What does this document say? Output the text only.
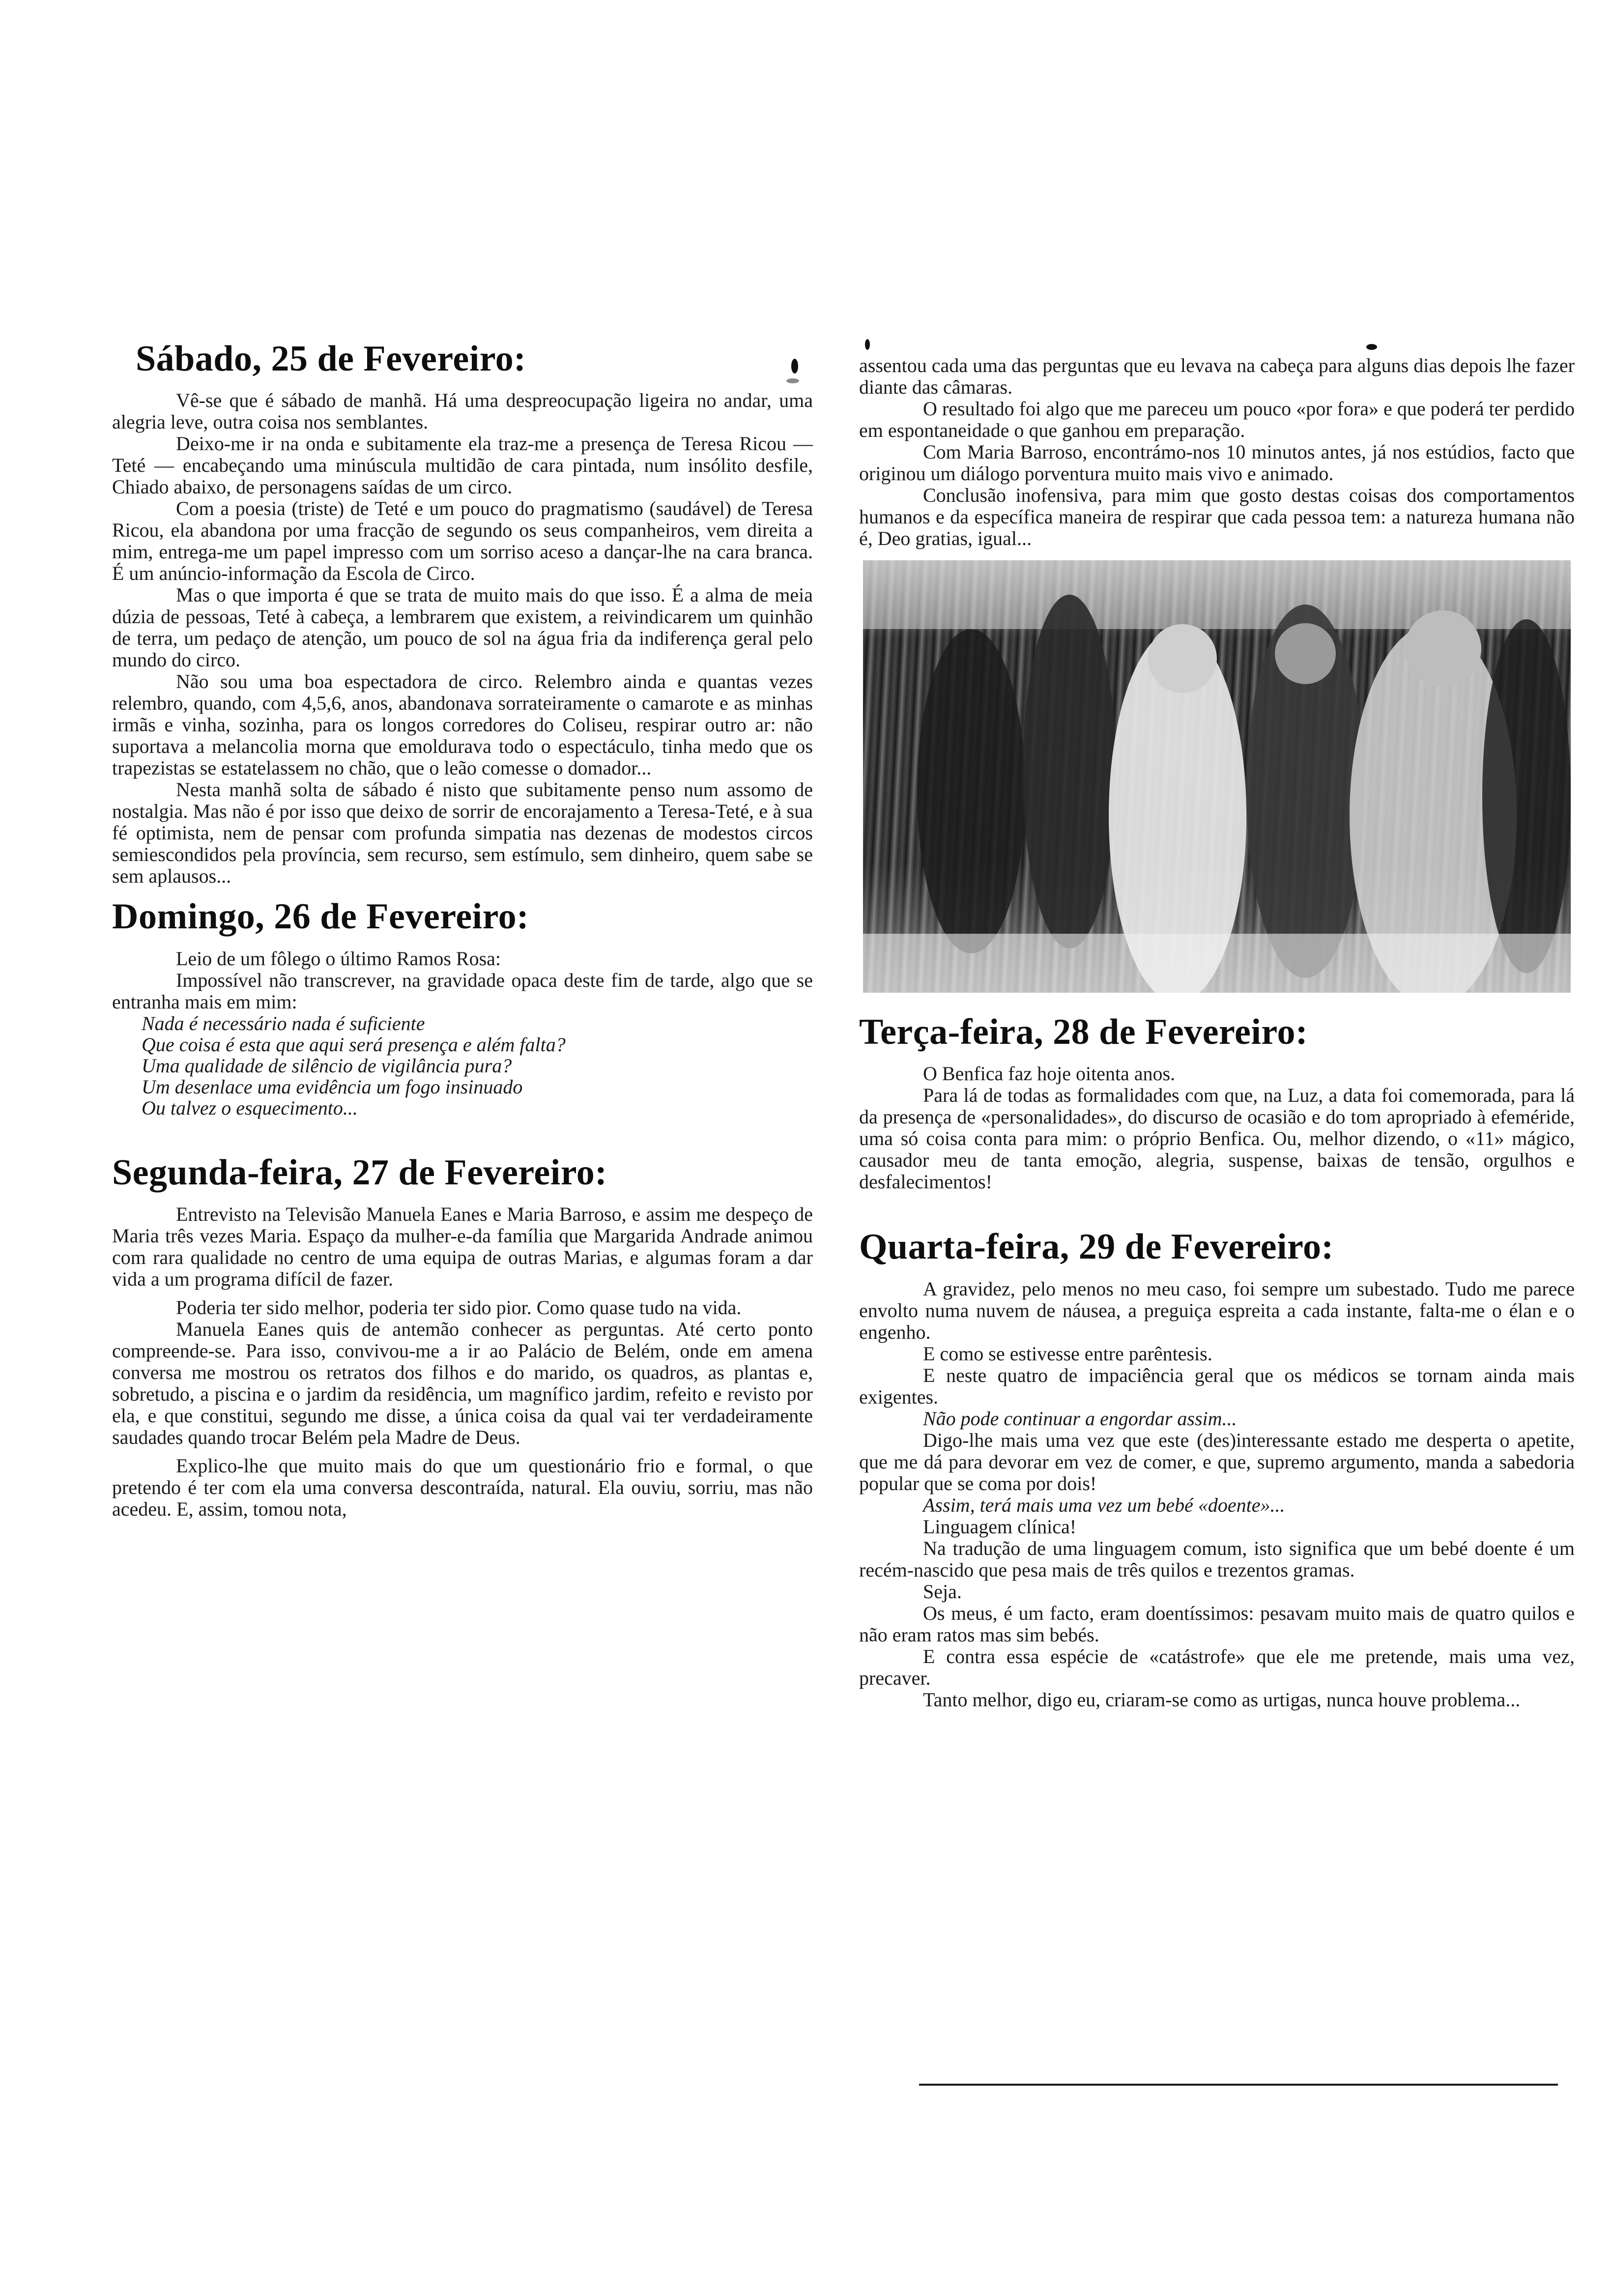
Sábado, 25 de Fevereiro:

Vê-se que é sábado de manhã. Há uma despreocupação ligeira no andar, uma alegria leve, outra coisa nos semblantes.

Deixo-me ir na onda e subitamente ela traz-me a presença de Teresa Ricou — Teté — encabeçando uma minúscula multidão de cara pintada, num insólito desfile, Chiado abaixo, de personagens saídas de um circo.

Com a poesia (triste) de Teté e um pouco do pragmatismo (saudável) de Teresa Ricou, ela abandona por uma fracção de segundo os seus companheiros, vem direita a mim, entrega-me um papel impresso com um sorriso aceso a dançar-lhe na cara branca. É um anúncio-informação da Escola de Circo.

Mas o que importa é que se trata de muito mais do que isso. É a alma de meia dúzia de pessoas, Teté à cabeça, a lembrarem que existem, a reivindicarem um quinhão de terra, um pedaço de atenção, um pouco de sol na água fria da indiferença geral pelo mundo do circo.

Não sou uma boa espectadora de circo. Relembro ainda e quantas vezes relembro, quando, com 4,5,6, anos, abandonava sorrateiramente o camarote e as minhas irmãs e vinha, sozinha, para os longos corredores do Coliseu, respirar outro ar: não suportava a melancolia morna que emoldurava todo o espectáculo, tinha medo que os trapezistas se estatelassem no chão, que o leão comesse o domador...

Nesta manhã solta de sábado é nisto que subitamente penso num assomo de nostalgia. Mas não é por isso que deixo de sorrir de encorajamento a Teresa-Teté, e à sua fé optimista, nem de pensar com profunda simpatia nas dezenas de modestos circos semiescondidos pela província, sem recurso, sem estímulo, sem dinheiro, quem sabe se sem aplausos...

Domingo, 26 de Fevereiro:

Leio de um fôlego o último Ramos Rosa:

Impossível não transcrever, na gravidade opaca deste fim de tarde, algo que se entranha mais em mim:

Nada é necessário nada é suficiente
Que coisa é esta que aqui será presença e além falta?
Uma qualidade de silêncio de vigilância pura?
Um desenlace uma evidência um fogo insinuado
Ou talvez o esquecimento...
Segunda-feira, 27 de Fevereiro:

Entrevisto na Televisão Manuela Eanes e Maria Barroso, e assim me despeço de Maria três vezes Maria. Espaço da mulher-e-da família que Margarida Andrade animou com rara qualidade no centro de uma equipa de outras Marias, e algumas foram a dar vida a um programa difícil de fazer.

Poderia ter sido melhor, poderia ter sido pior. Como quase tudo na vida.

Manuela Eanes quis de antemão conhecer as perguntas. Até certo ponto compreende-se. Para isso, convivou-me a ir ao Palácio de Belém, onde em amena conversa me mostrou os retratos dos filhos e do marido, os quadros, as plantas e, sobretudo, a piscina e o jardim da residência, um magnífico jardim, refeito e revisto por ela, e que constitui, segundo me disse, a única coisa da qual vai ter verdadeiramente saudades quando trocar Belém pela Madre de Deus.

Explico-lhe que muito mais do que um questionário frio e formal, o que pretendo é ter com ela uma conversa descontraída, natural. Ela ouviu, sorriu, mas não acedeu. E, assim, tomou nota,

assentou cada uma das perguntas que eu levava na cabeça para alguns dias depois lhe fazer diante das câmaras.

O resultado foi algo que me pareceu um pouco «por fora» e que poderá ter perdido em espontaneidade o que ganhou em preparação.

Com Maria Barroso, encontrámo-nos 10 minutos antes, já nos estúdios, facto que originou um diálogo porventura muito mais vivo e animado.

Conclusão inofensiva, para mim que gosto destas coisas dos comportamentos humanos e da específica maneira de respirar que cada pessoa tem: a natureza humana não é, Deo gratias, igual...

Terça-feira, 28 de Fevereiro:

O Benfica faz hoje oitenta anos.

Para lá de todas as formalidades com que, na Luz, a data foi comemorada, para lá da presença de «personalidades», do discurso de ocasião e do tom apropriado à efeméride, uma só coisa conta para mim: o próprio Benfica. Ou, melhor dizendo, o «11» mágico, causador meu de tanta emoção, alegria, suspense, baixas de tensão, orgulhos e desfalecimentos!

Quarta-feira, 29 de Fevereiro:

A gravidez, pelo menos no meu caso, foi sempre um subestado. Tudo me parece envolto numa nuvem de náusea, a preguiça espreita a cada instante, falta-me o élan e o engenho.

E como se estivesse entre parêntesis.

E neste quatro de impaciência geral que os médicos se tornam ainda mais exigentes.

Não pode continuar a engordar assim...

Digo-lhe mais uma vez que este (des)interessante estado me desperta o apetite, que me dá para devorar em vez de comer, e que, supremo argumento, manda a sabedoria popular que se coma por dois!

Assim, terá mais uma vez um bebé «doente»...

Linguagem clínica!

Na tradução de uma linguagem comum, isto significa que um bebé doente é um recém-nascido que pesa mais de três quilos e trezentos gramas.

Seja.

Os meus, é um facto, eram doentíssimos: pesavam muito mais de quatro quilos e não eram ratos mas sim bebés.

E contra essa espécie de «catástrofe» que ele me pretende, mais uma vez, precaver.

Tanto melhor, digo eu, criaram-se como as urtigas, nunca houve problema...
